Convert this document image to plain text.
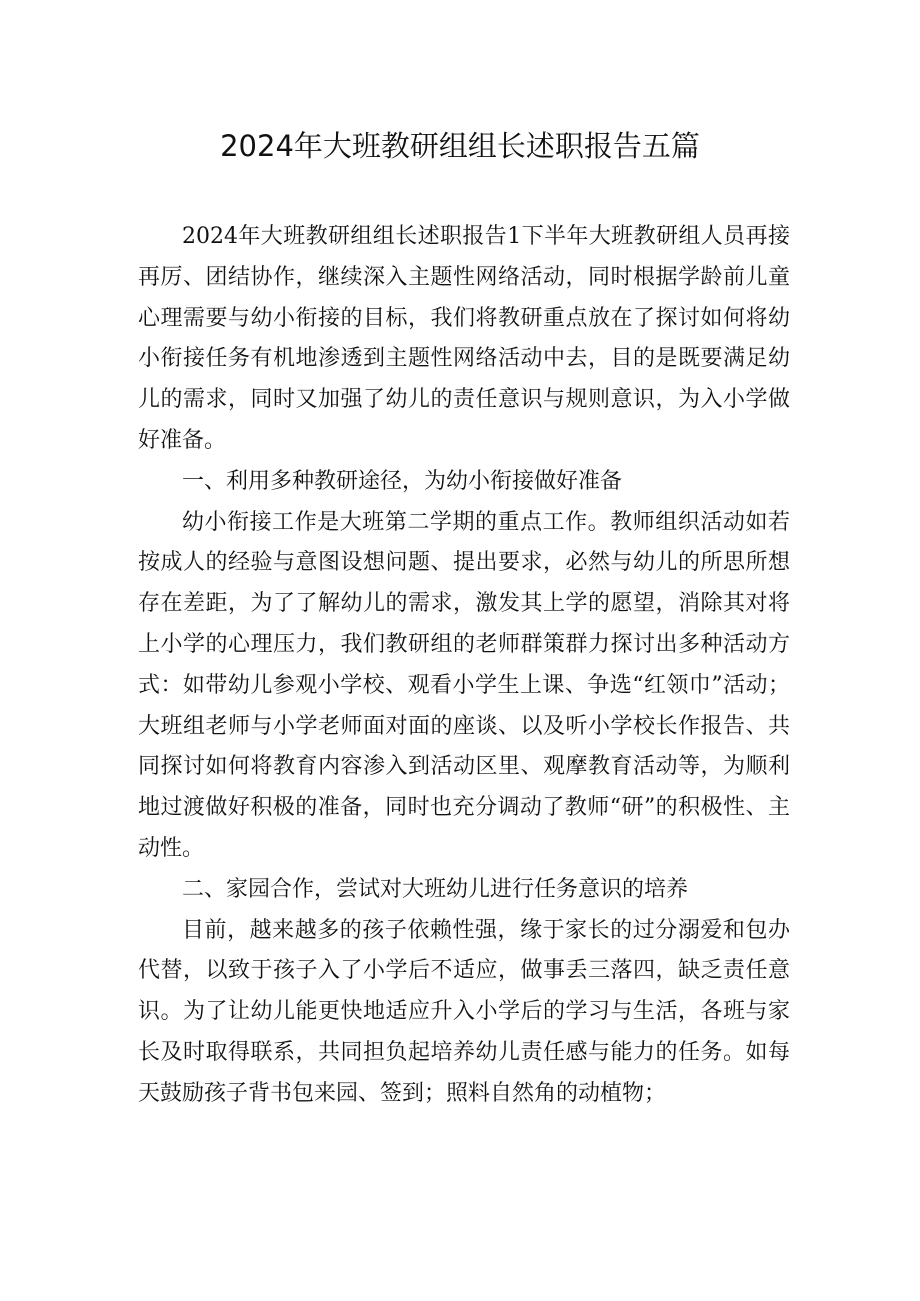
2024年大班教研组组长述职报告五篇

2024年大班教研组组长述职报告1下半年大班教研组人员再接再厉、团结协作，继续深入主题性网络活动，同时根据学龄前儿童心理需要与幼小衔接的目标，我们将教研重点放在了探讨如何将幼小衔接任务有机地渗透到主题性网络活动中去，目的是既要满足幼儿的需求，同时又加强了幼儿的责任意识与规则意识，为入小学做好准备。

一、利用多种教研途径，为幼小衔接做好准备

幼小衔接工作是大班第二学期的重点工作。教师组织活动如若按成人的经验与意图设想问题、提出要求，必然与幼儿的所思所想存在差距，为了了解幼儿的需求，激发其上学的愿望，消除其对将上小学的心理压力，我们教研组的老师群策群力探讨出多种活动方式：如带幼儿参观小学校、观看小学生上课、争选“红领巾”活动；大班组老师与小学老师面对面的座谈、以及听小学校长作报告、共同探讨如何将教育内容渗入到活动区里、观摩教育活动等，为顺利地过渡做好积极的准备，同时也充分调动了教师“研”的积极性、主动性。

二、家园合作，尝试对大班幼儿进行任务意识的培养

目前，越来越多的孩子依赖性强，缘于家长的过分溺爱和包办代替，以致于孩子入了小学后不适应，做事丢三落四，缺乏责任意识。为了让幼儿能更快地适应升入小学后的学习与生活，各班与家长及时取得联系，共同担负起培养幼儿责任感与能力的任务。如每天鼓励孩子背书包来园、签到；照料自然角的动植物；
